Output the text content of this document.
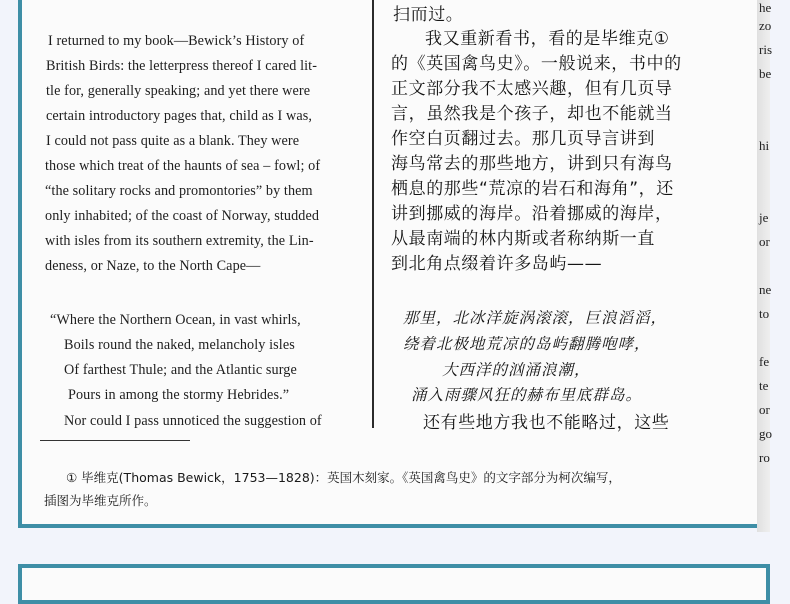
I returned to my book—Bewick’s History of
British Birds: the letterpress thereof I cared lit-
tle for, generally speaking; and yet there were
certain introductory pages that, child as I was,
I could not pass quite as a blank. They were
those which treat of the haunts of sea – fowl; of
“the solitary rocks and promontories” by them
only inhabited; of the coast of Norway, studded
with isles from its southern extremity, the Lin-
deness, or Naze, to the North Cape—
“Where the Northern Ocean, in vast whirls,
Boils round the naked, melancholy isles
Of farthest Thule; and the Atlantic surge
Pours in among the stormy Hebrides.”
Nor could I pass unnoticed the suggestion of
扫而过。
我又重新看书，看的是毕维克①
的《英国禽鸟史》。一般说来，书中的
正文部分我不太感兴趣，但有几页导
言，虽然我是个孩子，却也不能就当
作空白页翻过去。那几页导言讲到
海鸟常去的那些地方，讲到只有海鸟
栖息的那些“荒凉的岩石和海角”，还
讲到挪威的海岸。沿着挪威的海岸，
从最南端的林内斯或者称纳斯一直
到北角点缀着许多岛屿——
那里，北冰洋旋涡滚滚，巨浪滔滔，
绕着北极地荒凉的岛屿翻腾咆哮，
大西洋的汹涌浪潮，
涌入雨骤风狂的赫布里底群岛。
还有些地方我也不能略过，这些
① 毕维克(Thomas Bewick，1753—1828)：英国木刻家。《英国禽鸟史》的文字部分为柯次编写，
插图为毕维克所作。
he
zo
ris
be
hi
je
or
ne
to
fe
te
or
go
ro
